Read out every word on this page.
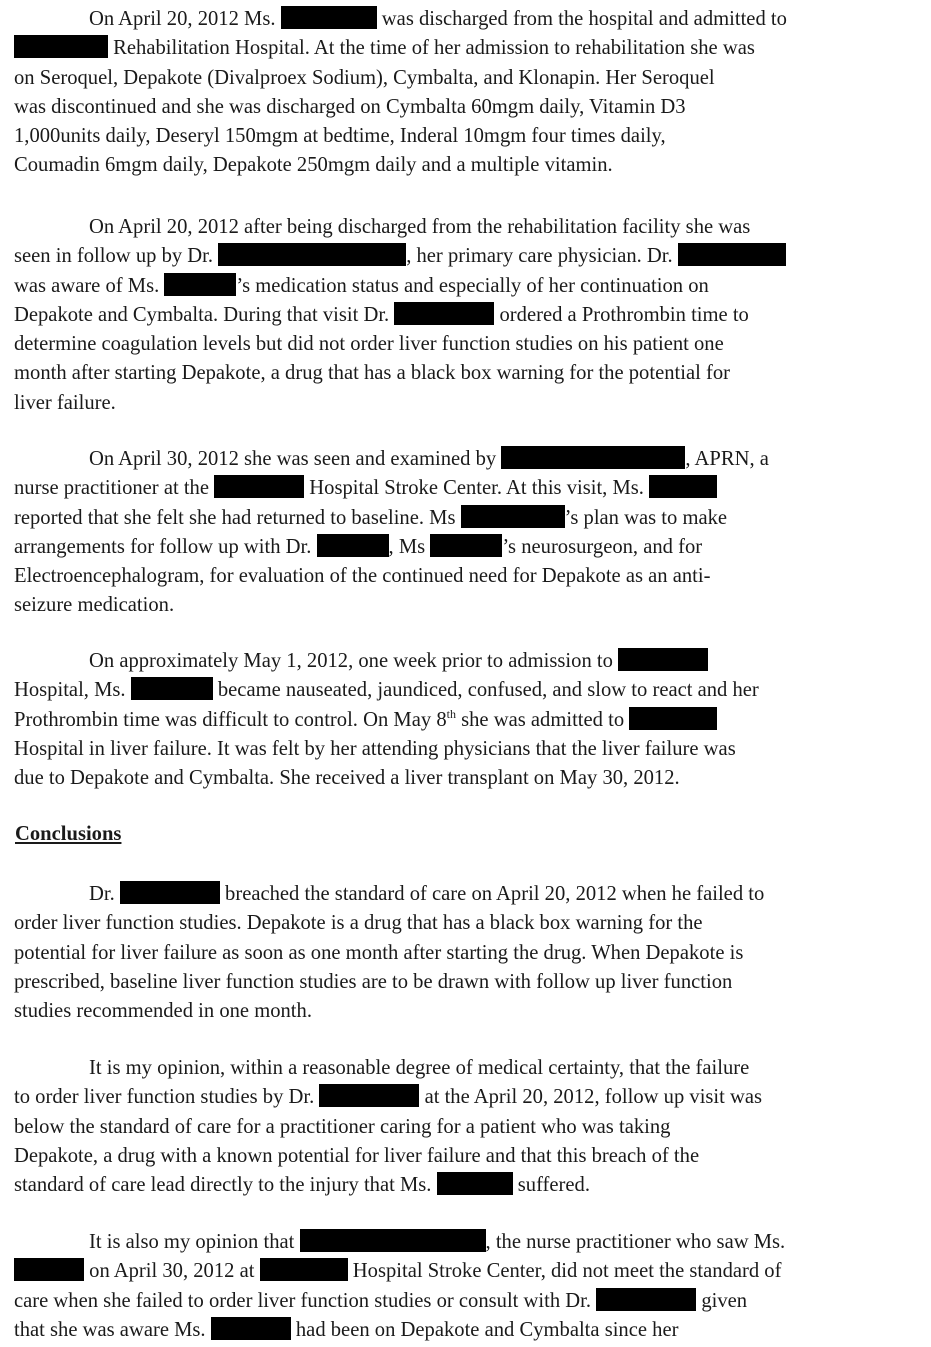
On April 20, 2012 Ms.	was discharged from the hospital and admitted to
Rehabilitation Hospital. At the time of her admission to rehabilitation she was
on Seroquel, Depakote (Divalproex Sodium), Cymbalta, and Klonapin. Her Seroquel
was discontinued and she was discharged on Cymbalta 60mgm daily, Vitamin D3
1,000units daily, Deseryl 150mgm at bedtime, Inderal 10mgm four times daily,
Coumadin 6mgm daily, Depakote 250mgm daily and a multiple vitamin.
On April 20, 2012 after being discharged from the rehabilitation facility she was
seen in follow up by Dr.	, her primary care physician. Dr.
was aware of Ms.	’s medication status and especially of her continuation on
Depakote and Cymbalta. During that visit Dr.	ordered a Prothrombin time to
determine coagulation levels but did not order liver function studies on his patient one
month after starting Depakote, a drug that has a black box warning for the potential for
liver failure.
On April 30, 2012 she was seen and examined by	, APRN, a
nurse practitioner at the	Hospital Stroke Center. At this visit, Ms.
reported that she felt she had returned to baseline. Ms	’s plan was to make
arrangements for follow up with Dr.	, Ms	’s neurosurgeon, and for
Electroencephalogram, for evaluation of the continued need for Depakote as an anti-
seizure medication.
On approximately May 1, 2012, one week prior to admission to
Hospital, Ms.	became nauseated, jaundiced, confused, and slow to react and her
Prothrombin time was difficult to control. On May 8th she was admitted to
Hospital in liver failure. It was felt by her attending physicians that the liver failure was
due to Depakote and Cymbalta. She received a liver transplant on May 30, 2012.
Conclusions
Dr.	breached the standard of care on April 20, 2012 when he failed to
order liver function studies. Depakote is a drug that has a black box warning for the
potential for liver failure as soon as one month after starting the drug. When Depakote is
prescribed, baseline liver function studies are to be drawn with follow up liver function
studies recommended in one month.
It is my opinion, within a reasonable degree of medical certainty, that the failure
to order liver function studies by Dr.	at the April 20, 2012, follow up visit was
below the standard of care for a practitioner caring for a patient who was taking
Depakote, a drug with a known potential for liver failure and that this breach of the
standard of care lead directly to the injury that Ms.	suffered.
It is also my opinion that	, the nurse practitioner who saw Ms.
on April 30, 2012 at	Hospital Stroke Center, did not meet the standard of
care when she failed to order liver function studies or consult with Dr.	given
that she was aware Ms.	had been on Depakote and Cymbalta since her
